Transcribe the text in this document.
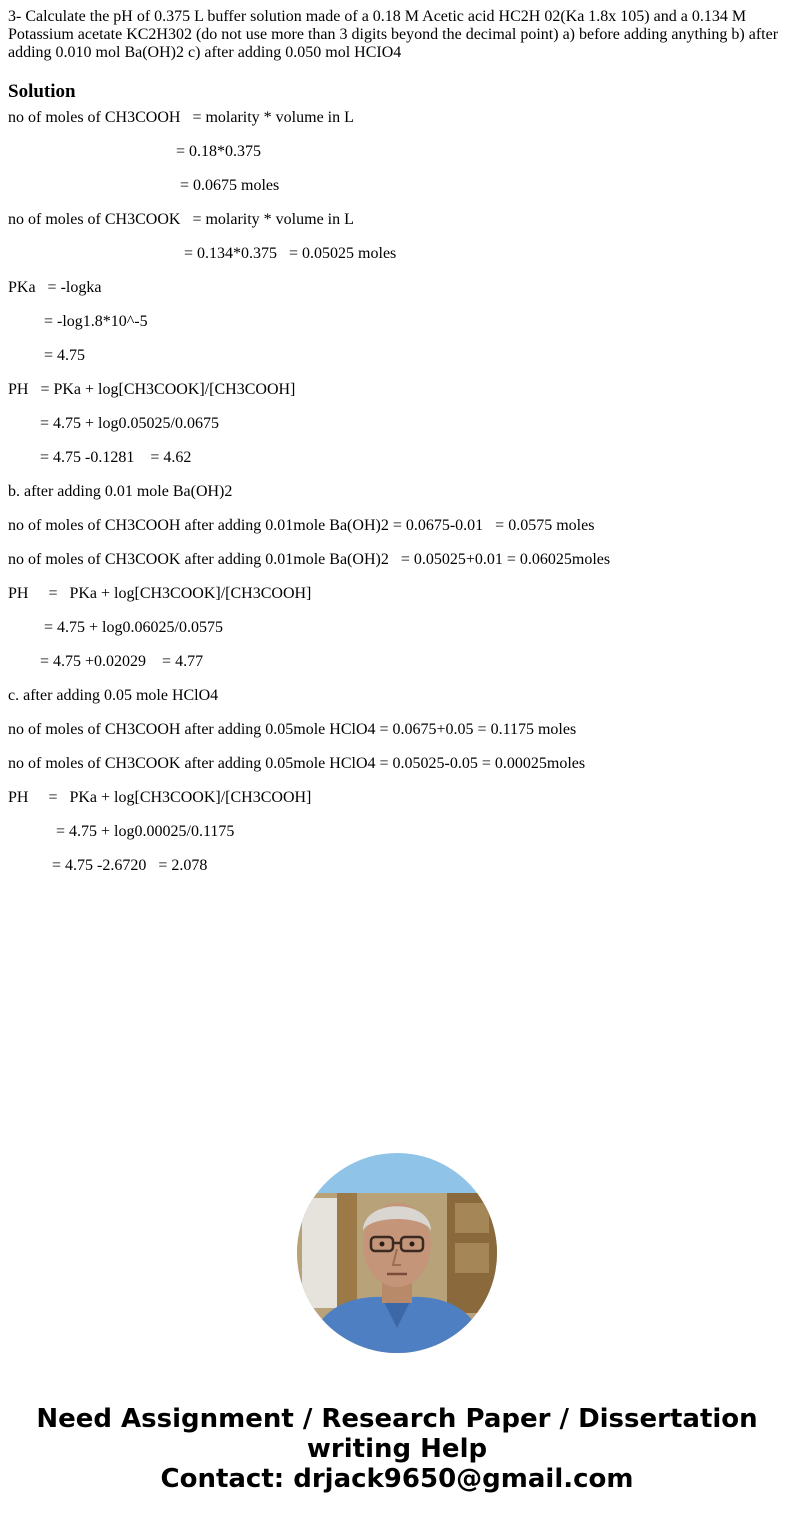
3- Calculate the pH of 0.375 L buffer solution made of a 0.18 M Acetic acid HC2H 02(Ka 1.8x 105) and a 0.134 M Potassium acetate KC2H302 (do not use more than 3 digits beyond the decimal point) a) before adding anything b) after adding 0.010 mol Ba(OH)2 c) after adding 0.050 mol HCIO4

Solution

no of moles of CH3COOH   = molarity * volume in L

= 0.18*0.375

= 0.0675 moles

no of moles of CH3COOK   = molarity * volume in L

= 0.134*0.375   = 0.05025 moles

PKa   = -logka

= -log1.8*10^-5

= 4.75

PH   = PKa + log[CH3COOK]/[CH3COOH]

= 4.75 + log0.05025/0.0675

= 4.75 -0.1281    = 4.62

b. after adding 0.01 mole Ba(OH)2

no of moles of CH3COOH after adding 0.01mole Ba(OH)2 = 0.0675-0.01   = 0.0575 moles

no of moles of CH3COOK after adding 0.01mole Ba(OH)2   = 0.05025+0.01 = 0.06025moles

PH     =   PKa + log[CH3COOK]/[CH3COOH]

= 4.75 + log0.06025/0.0575

= 4.75 +0.02029    = 4.77

c. after adding 0.05 mole HClO4

no of moles of CH3COOH after adding 0.05mole HClO4 = 0.0675+0.05 = 0.1175 moles

no of moles of CH3COOK after adding 0.05mole HClO4 = 0.05025-0.05 = 0.00025moles

PH     =   PKa + log[CH3COOK]/[CH3COOH]

= 4.75 + log0.00025/0.1175

= 4.75 -2.6720   = 2.078

Need Assignment / Research Paper / Dissertation
writing Help
Contact: drjack9650@gmail.com
